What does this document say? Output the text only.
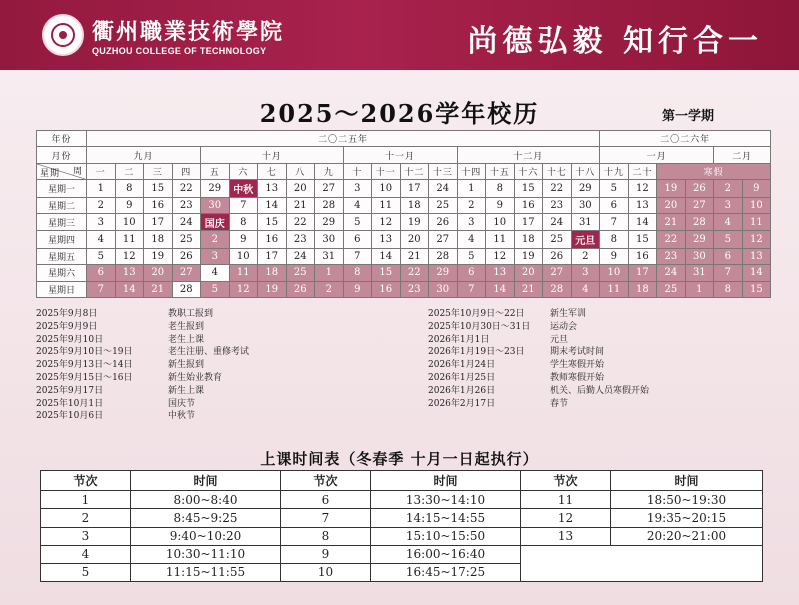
衢州職業技術學院
QUZHOU COLLEGE OF TECHNOLOGY	尚德弘毅 知行合一
2025～2026学年校历	第一学期
年份	二〇二五年																		二〇二六年					
月份	九月				十月					十一月				十二月					一月				二月	

周
星期	一	二	三	四	五	六	七	八	九	十	十一	十二	十三	十四	十五	十六	十七	十八	十九	二十	寒假			
星期一	1	8	15	22	29	中秋	13	20	27	3	10	17	24	1	8	15	22	29	5	12	19	26	2	9
星期二	2	9	16	23	30	7	14	21	28	4	11	18	25	2	9	16	23	30	6	13	20	27	3	10
星期三	3	10	17	24	国庆	8	15	22	29	5	12	19	26	3	10	17	24	31	7	14	21	28	4	11
星期四	4	11	18	25	2	9	16	23	30	6	13	20	27	4	11	18	25	元旦	8	15	22	29	5	12
星期五	5	12	19	26	3	10	17	24	31	7	14	21	28	5	12	19	26	2	9	16	23	30	6	13
星期六	6	13	20	27	4	11	18	25	1	8	15	22	29	6	13	20	27	3	10	17	24	31	7	14
星期日	7	14	21	28	5	12	19	26	2	9	16	23	30	7	14	21	28	4	11	18	25	1	8	15
2025年9月8日	教职工报到
2025年9月9日	老生报到
2025年9月10日	老生上课
2025年9月10日～19日	老生注册、重修考试
2025年9月13日～14日	新生报到
2025年9月15日～16日	新生始业教育
2025年9月17日	新生上课
2025年10月1日	国庆节
2025年10月6日	中秋节
2025年10月9日～22日	新生军训
2025年10月30日～31日 运动会
2026年1月1日	元旦
2026年1月19日～23日	期末考试时间
2026年1月24日	学生寒假开始
2026年1月25日	教师寒假开始
2026年1月26日	机关、后勤人员寒假开始
2026年2月17日	春节
上课时间表（冬春季 十月一日起执行）
节次	时间	节次	时间	节次	时间
1	8:00~8:40	6	13:30~14:10	11	18:50~19:30
2	8:45~9:25	7	14:15~14:55	12	19:35~20:15
3	9:40~10:20	8	15:10~15:50	13	20:20~21:00
4	10:30~11:10	9	16:00~16:40		
5	11:15~11:55	10	16:45~17:25		
